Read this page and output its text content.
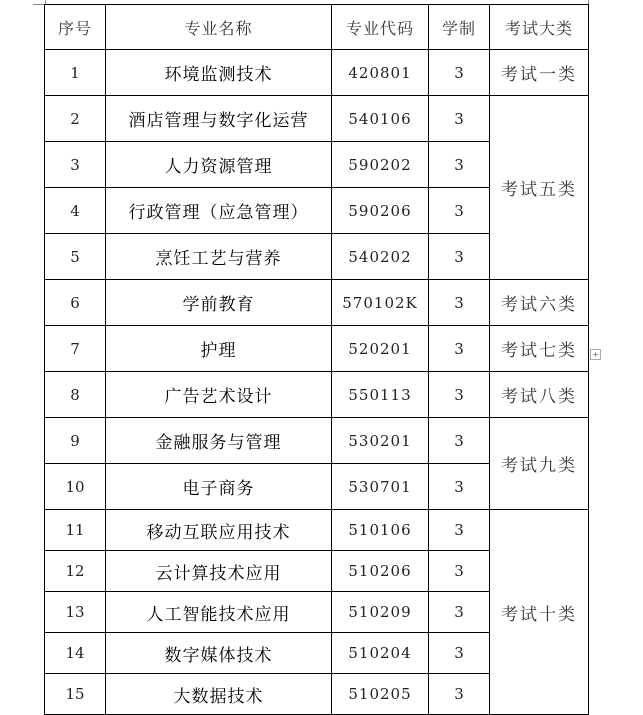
+
序号	专业名称	专业代码	学制	考试大类
1	环境监测技术	420801	3	考试一类
2	酒店管理与数字化运营	540106	3	考试五类
3	人力资源管理	590202	3	
4	行政管理（应急管理）	590206	3	
5	烹饪工艺与营养	540202	3	
6	学前教育	570102K	3	考试六类
7	护理	520201	3	考试七类
8	广告艺术设计	550113	3	考试八类
9	金融服务与管理	530201	3	考试九类
10	电子商务	530701	3	
11	移动互联应用技术	510106	3	考试十类
12	云计算技术应用	510206	3	
13	人工智能技术应用	510209	3	
14	数字媒体技术	510204	3	
15	大数据技术	510205	3	
